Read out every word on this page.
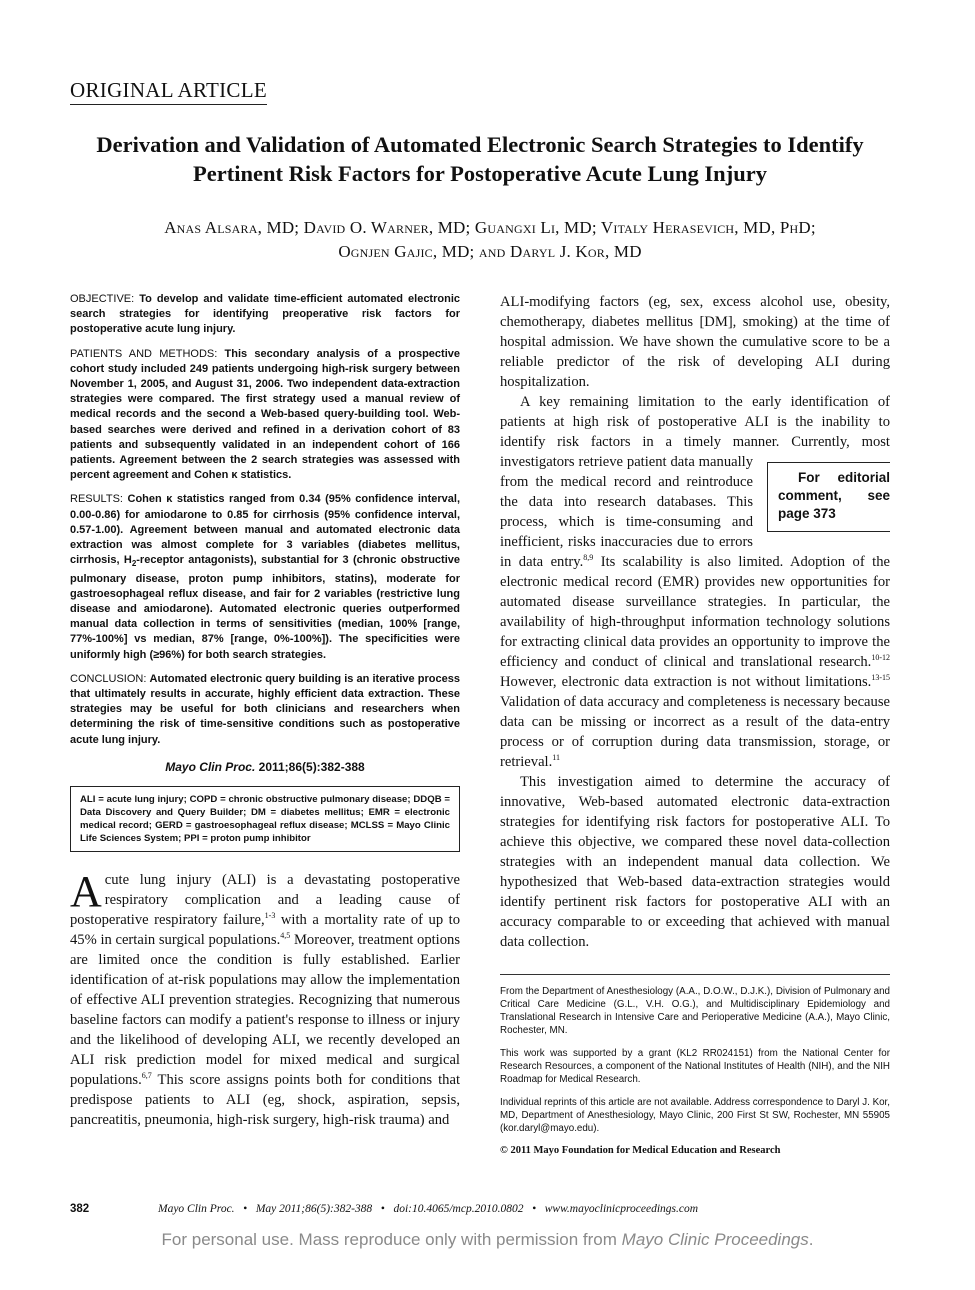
ORIGINAL ARTICLE
Derivation and Validation of Automated Electronic Search Strategies to Identify Pertinent Risk Factors for Postoperative Acute Lung Injury
Anas Alsara, MD; David O. Warner, MD; Guangxi Li, MD; Vitaly Herasevich, MD, PhD;
Ognjen Gajic, MD; and Daryl J. Kor, MD

OBJECTIVE: To develop and validate time-efficient automated electronic search strategies for identifying preoperative risk factors for postoperative acute lung injury.

PATIENTS AND METHODS: This secondary analysis of a prospective cohort study included 249 patients undergoing high-risk surgery between November 1, 2005, and August 31, 2006. Two independent data-extraction strategies were compared. The first strategy used a manual review of medical records and the second a Web-based query-building tool. Web-based searches were derived and refined in a derivation cohort of 83 patients and subsequently validated in an independent cohort of 166 patients. Agreement between the 2 search strategies was assessed with percent agreement and Cohen κ statistics.

RESULTS: Cohen κ statistics ranged from 0.34 (95% confidence interval, 0.00-0.86) for amiodarone to 0.85 for cirrhosis (95% confidence interval, 0.57-1.00). Agreement between manual and automated electronic data extraction was almost complete for 3 variables (diabetes mellitus, cirrhosis, $H_2$-receptor antagonists), substantial for 3 (chronic obstructive pulmonary disease, proton pump inhibitors, statins), moderate for gastroesophageal reflux disease, and fair for 2 variables (restrictive lung disease and amiodarone). Automated electronic queries outperformed manual data collection in terms of sensitivities (median, 100% [range, 77%-100%] vs median, 87% [range, 0%-100%]). The specificities were uniformly high (≥96%) for both search strategies.

CONCLUSION: Automated electronic query building is an iterative process that ultimately results in accurate, highly efficient data extraction. These strategies may be useful for both clinicians and researchers when determining the risk of time-sensitive conditions such as postoperative acute lung injury.

Mayo Clin Proc. 2011;86(5):382-388
ALI = acute lung injury; COPD = chronic obstructive pulmonary disease; DDQB = Data Discovery and Query Builder; DM = diabetes mellitus; EMR = electronic medical record; GERD = gastroesophageal reflux disease; MCLSS = Mayo Clinic Life Sciences System; PPI = proton pump inhibitor

Acute lung injury (ALI) is a devastating postoperative respiratory complication and a leading cause of postoperative respiratory failure,$^{1-3}$ with a mortality rate of up to 45% in certain surgical populations.$^{4,5}$ Moreover, treatment options are limited once the condition is fully established. Earlier identification of at-risk populations may allow the implementation of effective ALI prevention strategies. Recognizing that numerous baseline factors can modify a patient's response to illness or injury and the likelihood of developing ALI, we recently developed an ALI risk prediction model for mixed medical and surgical populations.$^{6,7}$ This score assigns points both for conditions that predispose patients to ALI (eg, shock, aspiration, sepsis, pancreatitis, pneumonia, high-risk surgery, high-risk trauma) and

ALI-modifying factors (eg, sex, excess alcohol use, obesity, chemotherapy, diabetes mellitus [DM], smoking) at the time of hospital admission. We have shown the cumulative score to be a reliable predictor of the risk of developing ALI during hospitalization.

A key remaining limitation to the early identification of patients at high risk of postoperative ALI is the inability to identify risk factors in a timely manner. Currently,
For editorial comment, see page 373
most investigators retrieve patient data manually from the medical record and reintroduce the data into research databases. This process, which is time-consuming and inefficient, risks inaccuracies due to errors in data entry.$^{8,9}$ Its scalability is also limited. Adoption of the electronic medical record (EMR) provides new opportunities for automated disease surveillance strategies. In particular, the availability of high-throughput information technology solutions for extracting clinical data provides an opportunity to improve the efficiency and conduct of clinical and translational research.$^{10-12}$ However, electronic data extraction is not without limitations.$^{13-15}$ Validation of data accuracy and completeness is necessary because data can be missing or incorrect as a result of the data-entry process or of corruption during data transmission, storage, or retrieval.$^{11}$

This investigation aimed to determine the accuracy of innovative, Web-based automated electronic data-extraction strategies for identifying risk factors for postoperative ALI. To achieve this objective, we compared these novel data-collection strategies with an independent manual data collection. We hypothesized that Web-based data-extraction strategies would identify pertinent risk factors for postoperative ALI with an accuracy comparable to or exceeding that achieved with manual data collection.

From the Department of Anesthesiology (A.A., D.O.W., D.J.K.), Division of Pulmonary and Critical Care Medicine (G.L., V.H. O.G.), and Multidisciplinary Epidemiology and Translational Research in Intensive Care and Perioperative Medicine (A.A.), Mayo Clinic, Rochester, MN.

This work was supported by a grant (KL2 RR024151) from the National Center for Research Resources, a component of the National Institutes of Health (NIH), and the NIH Roadmap for Medical Research.

Individual reprints of this article are not available. Address correspondence to Daryl J. Kor, MD, Department of Anesthesiology, Mayo Clinic, 200 First St SW, Rochester, MN 55905 (kor.daryl@mayo.edu).

© 2011 Mayo Foundation for Medical Education and Research
382	Mayo Clin Proc.   •   May 2011;86(5):382-388   •   doi:10.4065/mcp.2010.0802   •   www.mayoclinicproceedings.com
For personal use. Mass reproduce only with permission from Mayo Clinic Proceedings.
